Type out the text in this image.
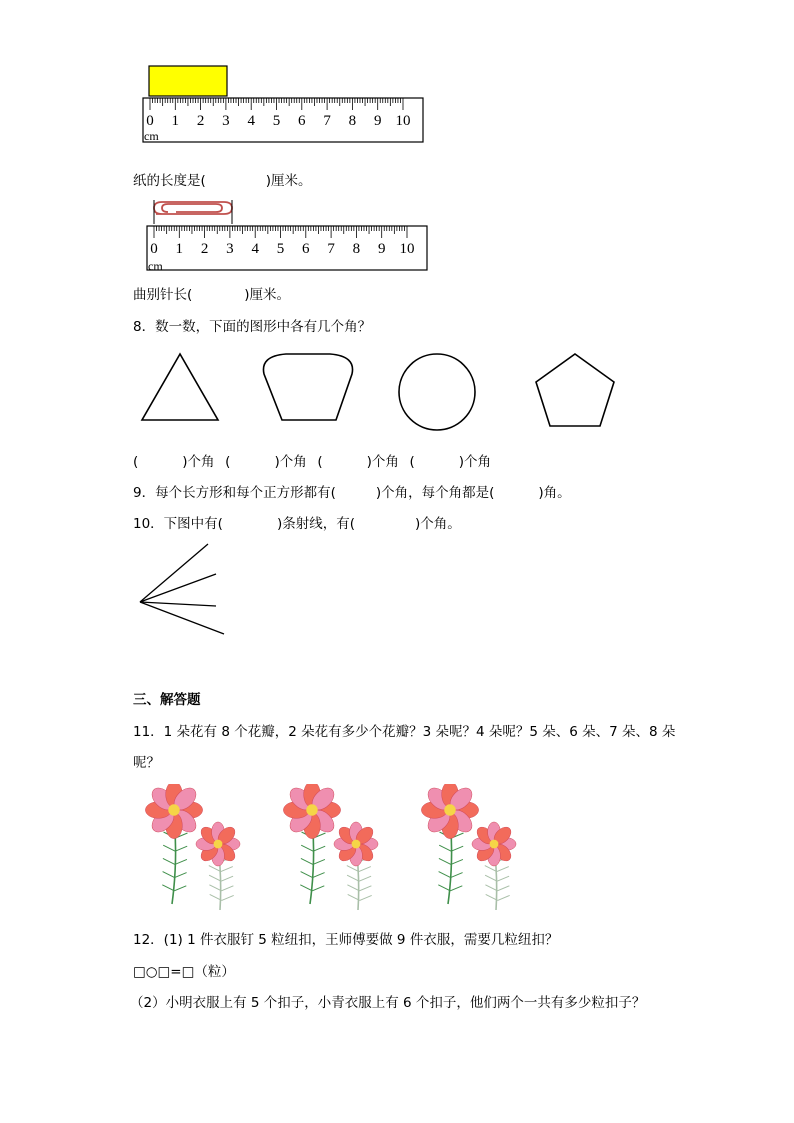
0 1 2 3 4 5 6 7 8 9 10
cm
纸的长度是(	)厘米。
0 1 2 3 4 5 6 7 8 9 10
cm
曲别针长(	)厘米。
8．数一数，下面的图形中各有几个角？
(	)个角 (	)个角 (	)个角 (	)个角
9．每个长方形和每个正方形都有(	)个角，每个角都是(	)角。
10．下图中有(	)条射线，有(	)个角。
三、解答题
11．1 朵花有 8 个花瓣，2 朵花有多少个花瓣？3 朵呢？4 朵呢？5 朵、6 朵、7 朵、8 朵
呢？
12．(1) 1 件衣服钉 5 粒纽扣，王师傅要做 9 件衣服，需要几粒纽扣？
□○□=□（粒）
（2）小明衣服上有 5 个扣子，小青衣服上有 6 个扣子，他们两个一共有多少粒扣子？
